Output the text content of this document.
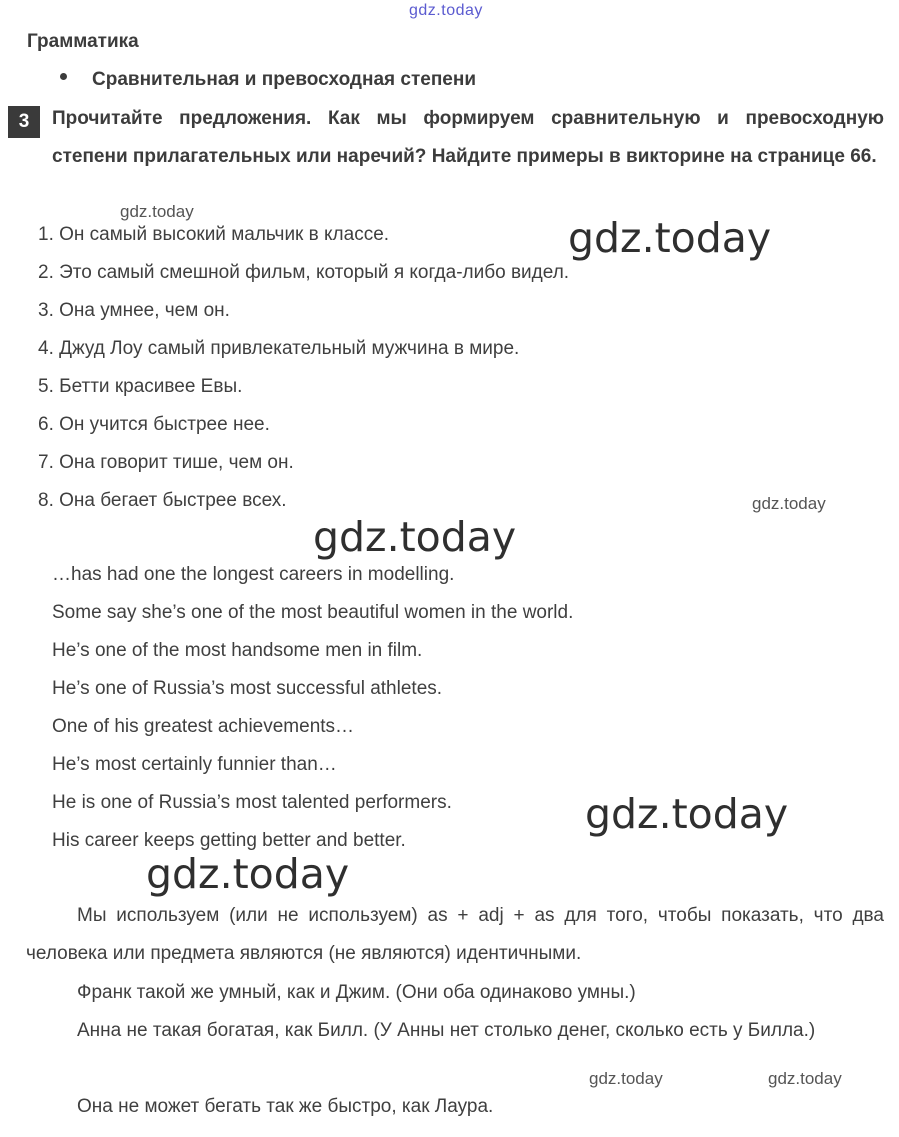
gdz.today
Грамматика
Сравнительная и превосходная степени
3	Прочитайте предложения. Как мы формируем сравнительную и превосходную степени прилагательных или наречий? Найдите примеры в викторине на странице 66.
gdz.today
gdz.today
1. Он самый высокий мальчик в классе.
2. Это самый смешной фильм, который я когда-либо видел.
3. Она умнее, чем он.
4. Джуд Лоу самый привлекательный мужчина в мире.
5. Бетти красивее Евы.
6. Он учится быстрее нее.
7. Она говорит тише, чем он.
8. Она бегает быстрее всех.	gdz.today
gdz.today
…has had one the longest careers in modelling.
Some say she’s one of the most beautiful women in the world.
He’s one of the most handsome men in film.
He’s one of Russia’s most successful athletes.
One of his greatest achievements…
He’s most certainly funnier than…
He is one of Russia’s most talented performers.
His career keeps getting better and better.
gdz.today
gdz.today
Мы используем (или не используем) as + adj + as для того, чтобы показать, что два человека или предмета являются (не являются) идентичными.
Франк такой же умный, как и Джим. (Они оба одинаково умны.)
Анна не такая богатая, как Билл. (У Анны нет столько денег, сколько есть у Билла.)
gdz.today	gdz.today
Она не может бегать так же быстро, как Лаура.
